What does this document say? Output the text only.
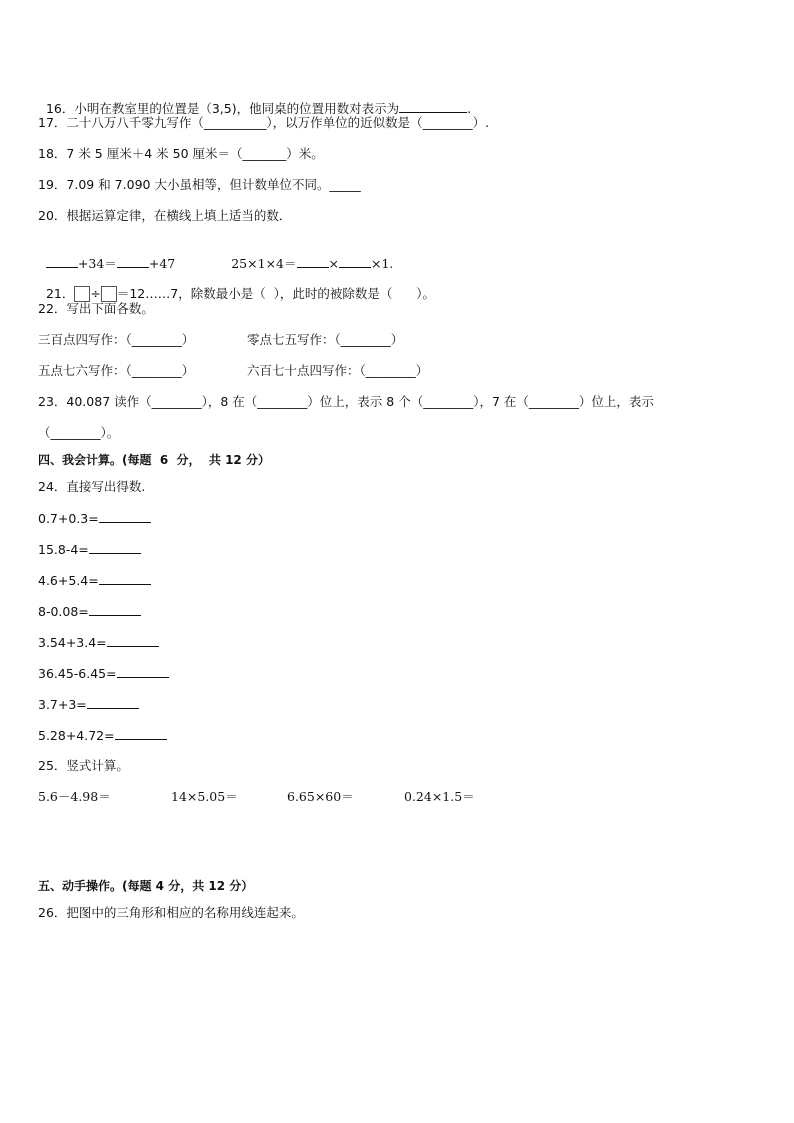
16．小明在教室里的位置是（3,5)，他同桌的位置用数对表示为	.

17．二十八万八千零九写作（__________），以万作单位的近似数是（________）.
18．7 米 5 厘米＋4 米 50 厘米＝（_______）米。
19．7.09 和 7.090 大小虽相等，但计数单位不同。_____
20．根据运算定律，在横线上填上适当的数．

+34＝	+47	25×1×4＝	×	×1.

21． ÷ ＝12……7，除数最小是（  ），此时的被除数是（      ）。

22．写出下面各数。
三百点四写作：（________）	零点七五写作：（________）
五点七六写作：（________）	六百七十点四写作：（________）
23．40.087 读作（________），8 在（________）位上，表示 8 个（________），7 在（________）位上，表示
（________）。
四、我会计算。(每题  6  分，  共 12 分）
24．直接写出得数.
0.7+0.3=
15.8-4=
4.6+5.4=
8-0.08=
3.54+3.4=
36.45-6.45=
3.7+3=
5.28+4.72=
25．竖式计算。
5.6－4.98＝	14×5.05＝	6.65×60＝	0.24×1.5＝
五、动手操作。(每题 4 分，共 12 分）
26．把图中的三角形和相应的名称用线连起来。
